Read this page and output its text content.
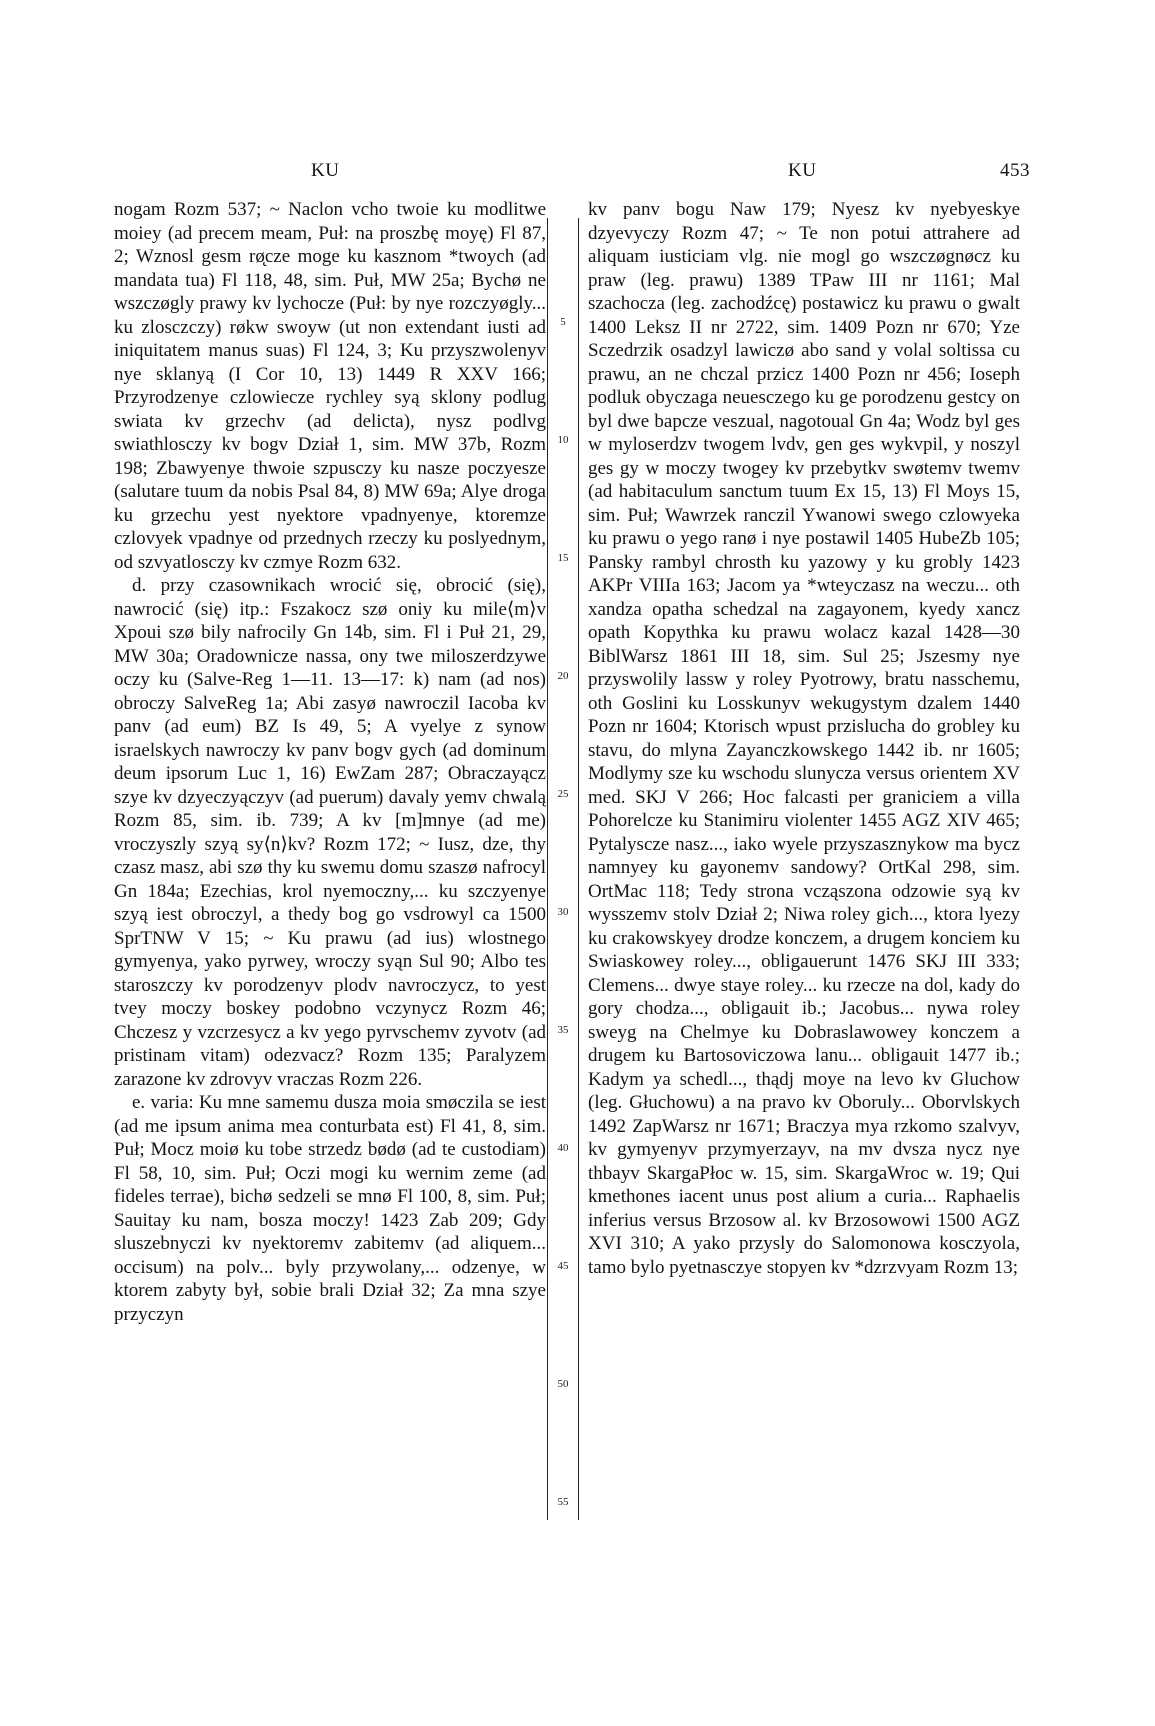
KU	KU	453

nogam Rozm 537; ~ Naclon vcho twoie ku modlitwe moiey (ad precem meam, Puł: na proszbę moyę) Fl 87, 2; Wznosl gesm rø̨cze moge ku kasznom *twoych (ad mandata tua) Fl 118, 48, sim. Puł, MW 25a; Bychø ne wszczøgly prawy kv lychocze (Puł: by nye rozczyøgly... ku zlosczczy) røkw swoyw (ut non extendant iusti ad iniquitatem manus suas) Fl 124, 3; Ku przyszwolenyv nye sklanyą (I Cor 10, 13) 1449 R XXV 166; Przyrodzenye czlowiecze rychley syą sklony podlug swiata kv grzechv (ad delicta), nysz podlvg swiathlosczy kv bogv Dział 1, sim. MW 37b, Rozm 198; Zbawyenye thwoie szpusczy ku nasze poczyesze (salutare tuum da nobis Psal 84, 8) MW 69a; Alye droga ku grzechu yest nyektore vpadnyenye, ktoremze czlovyek vpadnye od przednych rzeczy ku poslyednym, od szvyatlosczy kv czmye Rozm 632.

d. przy czasownikach wrocić się, obrocić (się), nawrocić (się) itp.: Fszakocz szø oniy ku mile⟨m⟩v Xpoui szø bily nafrocily Gn 14b, sim. Fl i Puł 21, 29, MW 30a; Oradownicze nassa, ony twe miloszerdzywe oczy ku (Salve-Reg 1—11. 13—17: k) nam (ad nos) obroczy SalveReg 1a; Abi zasyø nawroczil Iacoba kv panv (ad eum) BZ Is 49, 5; A vyelye z synow israelskych nawroczy kv panv bogv gych (ad dominum deum ipsorum Luc 1, 16) EwZam 287; Obraczayącz szye kv dzyeczyączyv (ad puerum) davaly yemv chwalą Rozm 85, sim. ib. 739; A kv [m]mnye (ad me) vroczyszly szyą sy⟨n⟩kv? Rozm 172; ~ Iusz, dze, thy czasz masz, abi szø thy ku swemu domu szaszø nafrocyl Gn 184a; Ezechias, krol nyemoczny,... ku szczyenye szyą iest obroczyl, a thedy bog go vsdrowyl ca 1500 SprTNW V 15; ~ Ku prawu (ad ius) wlostnego gymyenya, yako pyrwey, wroczy syąn Sul 90; Albo tes staroszczy kv porodzenyv plodv navroczycz, to yest tvey moczy boskey podobno vczynycz Rozm 46; Chczesz y vzcrzesycz a kv yego pyrvschemv zyvotv (ad pristinam vitam) odezvacz? Rozm 135; Paralyzem zarazone kv zdrovyv vraczas Rozm 226.

e. varia: Ku mne samemu dusza moia smøczila se iest (ad me ipsum anima mea conturbata est) Fl 41, 8, sim. Puł; Mocz moiø ku tobe strzedz bødø (ad te custodiam) Fl 58, 10, sim. Puł; Oczi mogi ku wernim zeme (ad fideles terrae), bichø sedzeli se mnø Fl 100, 8, sim. Puł; Sauitay ku nam, bosza moczy! 1423 Zab 209; Gdy sluszebnyczi kv nyektoremv zabitemv (ad aliquem... occisum) na polv... byly przywolany,... odzenye, w ktorem zabyty był, sobie brali Dział 32; Za mna szye przyczyn

5
10
15
20
25
30
35
40
45
50
55

kv panv bogu Naw 179; Nyesz kv nyebyeskye dzyevyczy Rozm 47; ~ Te non potui attrahere ad aliquam iusticiam vlg. nie mogl go wszczøgnøcz ku praw (leg. prawu) 1389 TPaw III nr 1161; Mal szachocza (leg. zachodźcę) postawicz ku prawu o gwalt 1400 Leksz II nr 2722, sim. 1409 Pozn nr 670; Yze Sczedrzik osadzyl lawiczø abo sand y volal soltissa cu prawu, an ne chczal przicz 1400 Pozn nr 456; Ioseph podluk obyczaga neuesczego ku ge porodzenu gestcy on byl dwe bapcze veszual, nagotoual Gn 4a; Wodz byl ges w myloserdzv twogem lvdv, gen ges wykvpil, y noszyl ges gy w moczy twogey kv przebytkv swøtemv twemv (ad habitaculum sanctum tuum Ex 15, 13) Fl Moys 15, sim. Puł; Wawrzek ranczil Ywanowi swego czlowyeka ku prawu o yego ranø i nye postawil 1405 HubeZb 105; Pansky rambyl chrosth ku yazowy y ku grobly 1423 AKPr VIIIa 163; Jacom ya *wteyczasz na weczu... oth xandza opatha schedzal na zagayonem, kyedy xancz opath Kopythka ku prawu wolacz kazal 1428—30 BiblWarsz 1861 III 18, sim. Sul 25; Jszesmy nye przyswolily lassw y roley Pyotrowy, bratu nasschemu, oth Goslini ku Losskunyv wekugystym dzalem 1440 Pozn nr 1604; Ktorisch wpust przislucha do grobley ku stavu, do mlyna Zayanczkowskego 1442 ib. nr 1605; Modlymy sze ku wschodu slunycza versus orientem XV med. SKJ V 266; Hoc falcasti per graniciem a villa Pohorelcze ku Stanimiru violenter 1455 AGZ XIV 465; Pytalyscze nasz..., iako wyele przyszasznykow ma bycz namnyey ku gayonemv sandowy? OrtKal 298, sim. OrtMac 118; Tedy strona vcząszona odzowie syą kv wysszemv stolv Dział 2; Niwa roley gich..., ktora lyezy ku crakowskyey drodze konczem, a drugem konciem ku Swiaskowey roley..., obligauerunt 1476 SKJ III 333; Clemens... dwye staye roley... ku rzecze na dol, kady do gory chodza..., obligauit ib.; Jacobus... nywa roley sweyg na Chelmye ku Dobraslawowey konczem a drugem ku Bartosoviczowa lanu... obligauit 1477 ib.; Kadym ya schedl..., thądj moye na levo kv Gluchow (leg. Głuchowu) a na pravo kv Oboruly... Oborvlskych 1492 ZapWarsz nr 1671; Braczya mya rzkomo szalvyv, kv gymyenyv przymyerzayv, na mv dvsza nycz nye thbayv SkargaPłoc w. 15, sim. SkargaWroc w. 19; Qui kmethones iacent unus post alium a curia... Raphaelis inferius versus Brzosow al. kv Brzosowowi 1500 AGZ XVI 310; A yako przysly do Salomonowa kosczyola, tamo bylo pyetnasczye stopyen kv *dzrzvyam Rozm 13;
